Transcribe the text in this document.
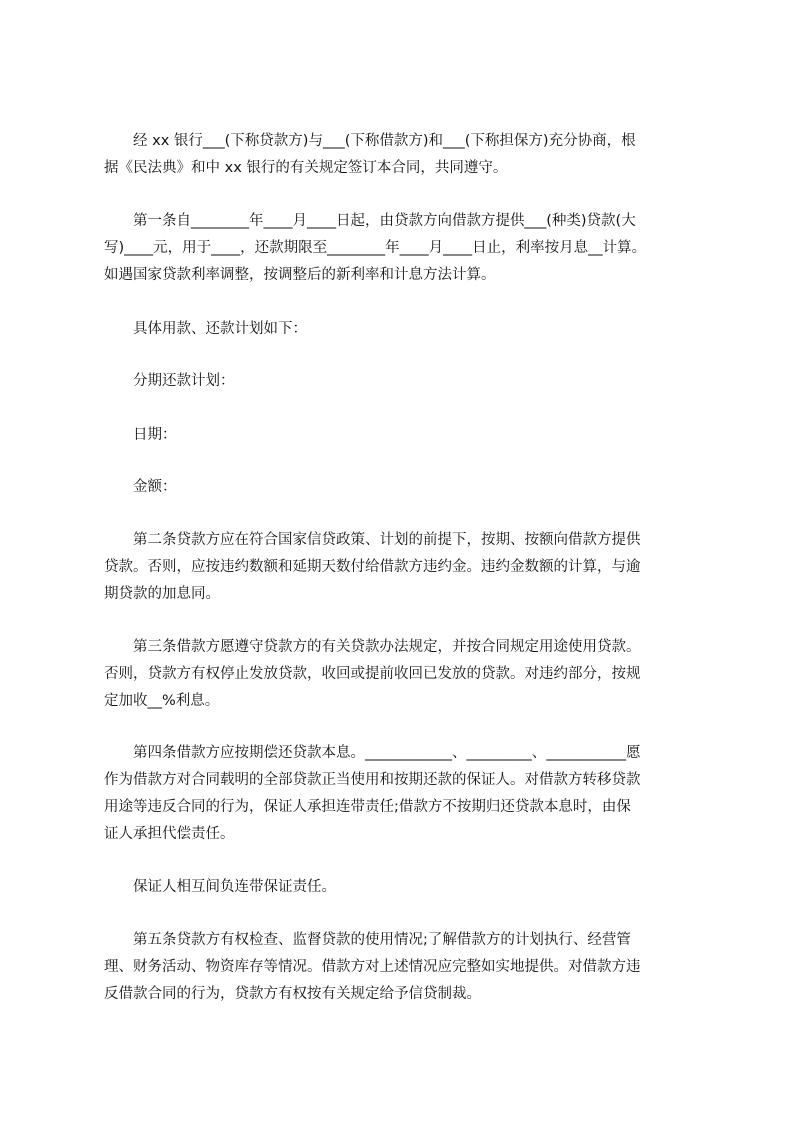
　　经 xx 银行___(下称贷款方)与___(下称借款方)和___(下称担保方)充分协商，根
据《民法典》和中 xx 银行的有关规定签订本合同，共同遵守。

　　第一条自________年____月____日起，由贷款方向借款方提供___(种类)贷款(大
写)____元，用于____，还款期限至________年____月____日止，利率按月息__计算。
如遇国家贷款利率调整，按调整后的新利率和计息方法计算。

　　具体用款、还款计划如下：

　　分期还款计划：

　　日期：

　　金额：

　　第二条贷款方应在符合国家信贷政策、计划的前提下，按期、按额向借款方提供
贷款。否则，应按违约数额和延期天数付给借款方违约金。违约金数额的计算，与逾
期贷款的加息同。

　　第三条借款方愿遵守贷款方的有关贷款办法规定，并按合同规定用途使用贷款。
否则，贷款方有权停止发放贷款，收回或提前收回已发放的贷款。对违约部分，按规
定加收__%利息。

　　第四条借款方应按期偿还贷款本息。____________、_________、___________愿
作为借款方对合同载明的全部贷款正当使用和按期还款的保证人。对借款方转移贷款
用途等违反合同的行为，保证人承担连带责任;借款方不按期归还贷款本息时，由保
证人承担代偿责任。

　　保证人相互间负连带保证责任。

　　第五条贷款方有权检查、监督贷款的使用情况;了解借款方的计划执行、经营管
理、财务活动、物资库存等情况。借款方对上述情况应完整如实地提供。对借款方违
反借款合同的行为，贷款方有权按有关规定给予信贷制裁。
